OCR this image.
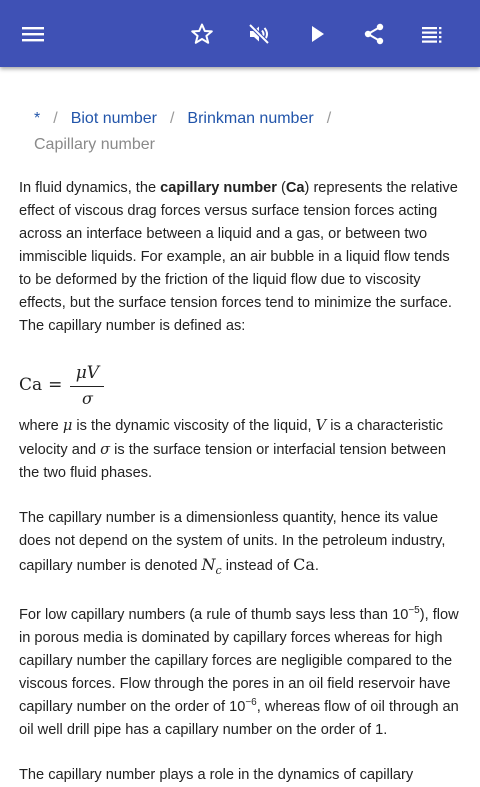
* / Biot number / Brinkman number /
Capillary number

In fluid dynamics, the capillary number (Ca) represents the relative effect of viscous drag forces versus surface tension forces acting across an interface between a liquid and a gas, or between two immiscible liquids. For example, an air bubble in a liquid flow tends to be deformed by the friction of the liquid flow due to viscosity effects, but the surface tension forces tend to minimize the surface. The capillary number is defined as:

$Ca = \frac{\mu V}{\sigma}$

where μ is the dynamic viscosity of the liquid, V is a characteristic velocity and σ is the surface tension or interfacial tension between the two fluid phases.

The capillary number is a dimensionless quantity, hence its value does not depend on the system of units. In the petroleum industry, capillary number is denoted $N_c$ instead of Ca.

For low capillary numbers (a rule of thumb says less than $10^{-5}$), flow in porous media is dominated by capillary forces whereas for high capillary number the capillary forces are negligible compared to the viscous forces. Flow through the pores in an oil field reservoir have capillary number on the order of $10^{-6}$, whereas flow of oil through an oil well drill pipe has a capillary number on the order of 1.

The capillary number plays a role in the dynamics of capillary
